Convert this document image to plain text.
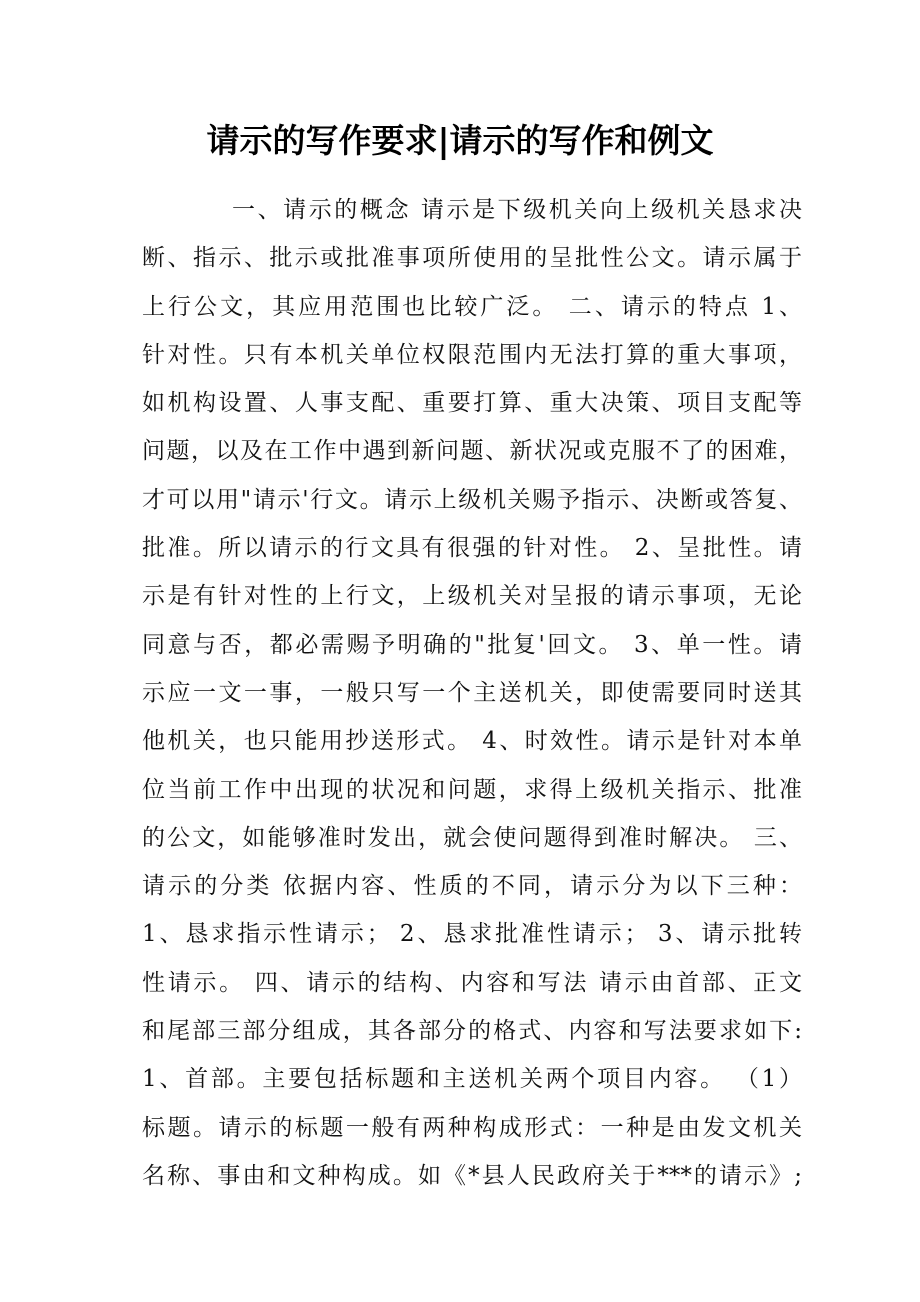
请示的写作要求|请示的写作和例文
一、请示的概念 请示是下级机关向上级机关恳求决
断、指示、批示或批准事项所使用的呈批性公文。请示属于
上行公文，其应用范围也比较广泛。 二、请示的特点 1、
针对性。只有本机关单位权限范围内无法打算的重大事项，
如机构设置、人事支配、重要打算、重大决策、项目支配等
问题，以及在工作中遇到新问题、新状况或克服不了的困难，
才可以用"请示'行文。请示上级机关赐予指示、决断或答复、
批准。所以请示的行文具有很强的针对性。 2、呈批性。请
示是有针对性的上行文，上级机关对呈报的请示事项，无论
同意与否，都必需赐予明确的"批复'回文。 3、单一性。请
示应一文一事，一般只写一个主送机关，即使需要同时送其
他机关，也只能用抄送形式。 4、时效性。请示是针对本单
位当前工作中出现的状况和问题，求得上级机关指示、批准
的公文，如能够准时发出，就会使问题得到准时解决。 三、
请示的分类 依据内容、性质的不同，请示分为以下三种：
1、恳求指示性请示； 2、恳求批准性请示； 3、请示批转
性请示。 四、请示的结构、内容和写法 请示由首部、正文
和尾部三部分组成，其各部分的格式、内容和写法要求如下:
1、首部。主要包括标题和主送机关两个项目内容。 （1）
标题。请示的标题一般有两种构成形式：一种是由发文机关
名称、事由和文种构成。如《*县人民政府关于***的请示》;
